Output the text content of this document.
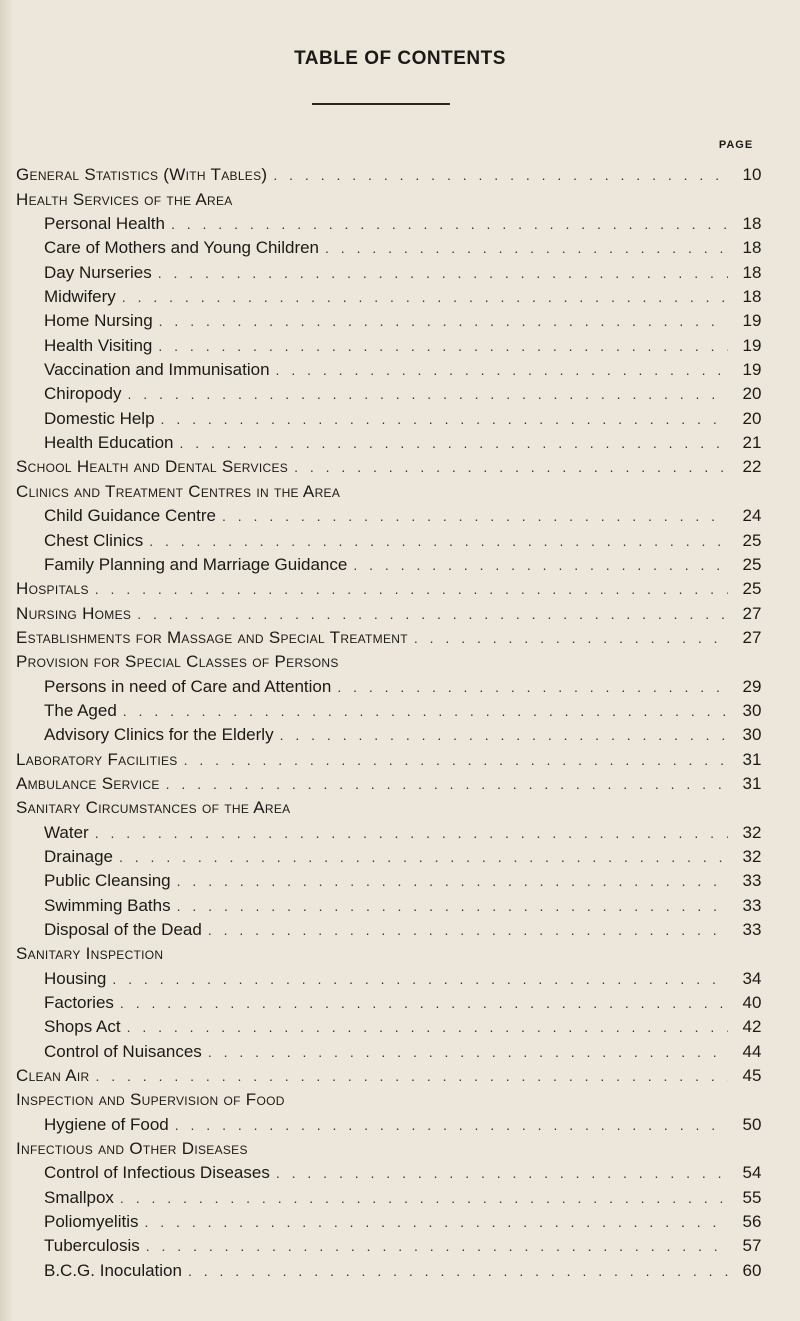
TABLE OF CONTENTS
PAGE
General Statistics (With Tables) . . .	10
Health Services of the Area
Personal Health . . .	18
Care of Mothers and Young Children . . .	18
Day Nurseries . . .	18
Midwifery . . .	18
Home Nursing . . .	19
Health Visiting . . .	19
Vaccination and Immunisation . . .	19
Chiropody . . .	20
Domestic Help . . .	20
Health Education . . .	21
School Health and Dental Services . . .	22
Clinics and Treatment Centres in the Area
Child Guidance Centre . . .	24
Chest Clinics . . .	25
Family Planning and Marriage Guidance . . .	25
Hospitals . . .	25
Nursing Homes . . .	27
Establishments for Massage and Special Treatment . . .	27
Provision for Special Classes of Persons
Persons in need of Care and Attention . . .	29
The Aged . . .	30
Advisory Clinics for the Elderly . . .	30
Laboratory Facilities . . .	31
Ambulance Service . . .	31
Sanitary Circumstances of the Area
Water . . .	32
Drainage . . .	32
Public Cleansing . . .	33
Swimming Baths . . .	33
Disposal of the Dead . . .	33
Sanitary Inspection
Housing . . .	34
Factories . . .	40
Shops Act . . .	42
Control of Nuisances . . .	44
Clean Air . . .	45
Inspection and Supervision of Food
Hygiene of Food . . .	50
Infectious and Other Diseases
Control of Infectious Diseases . . .	54
Smallpox . . .	55
Poliomyelitis . . .	56
Tuberculosis . . .	57
B.C.G. Inoculation . . .	60
